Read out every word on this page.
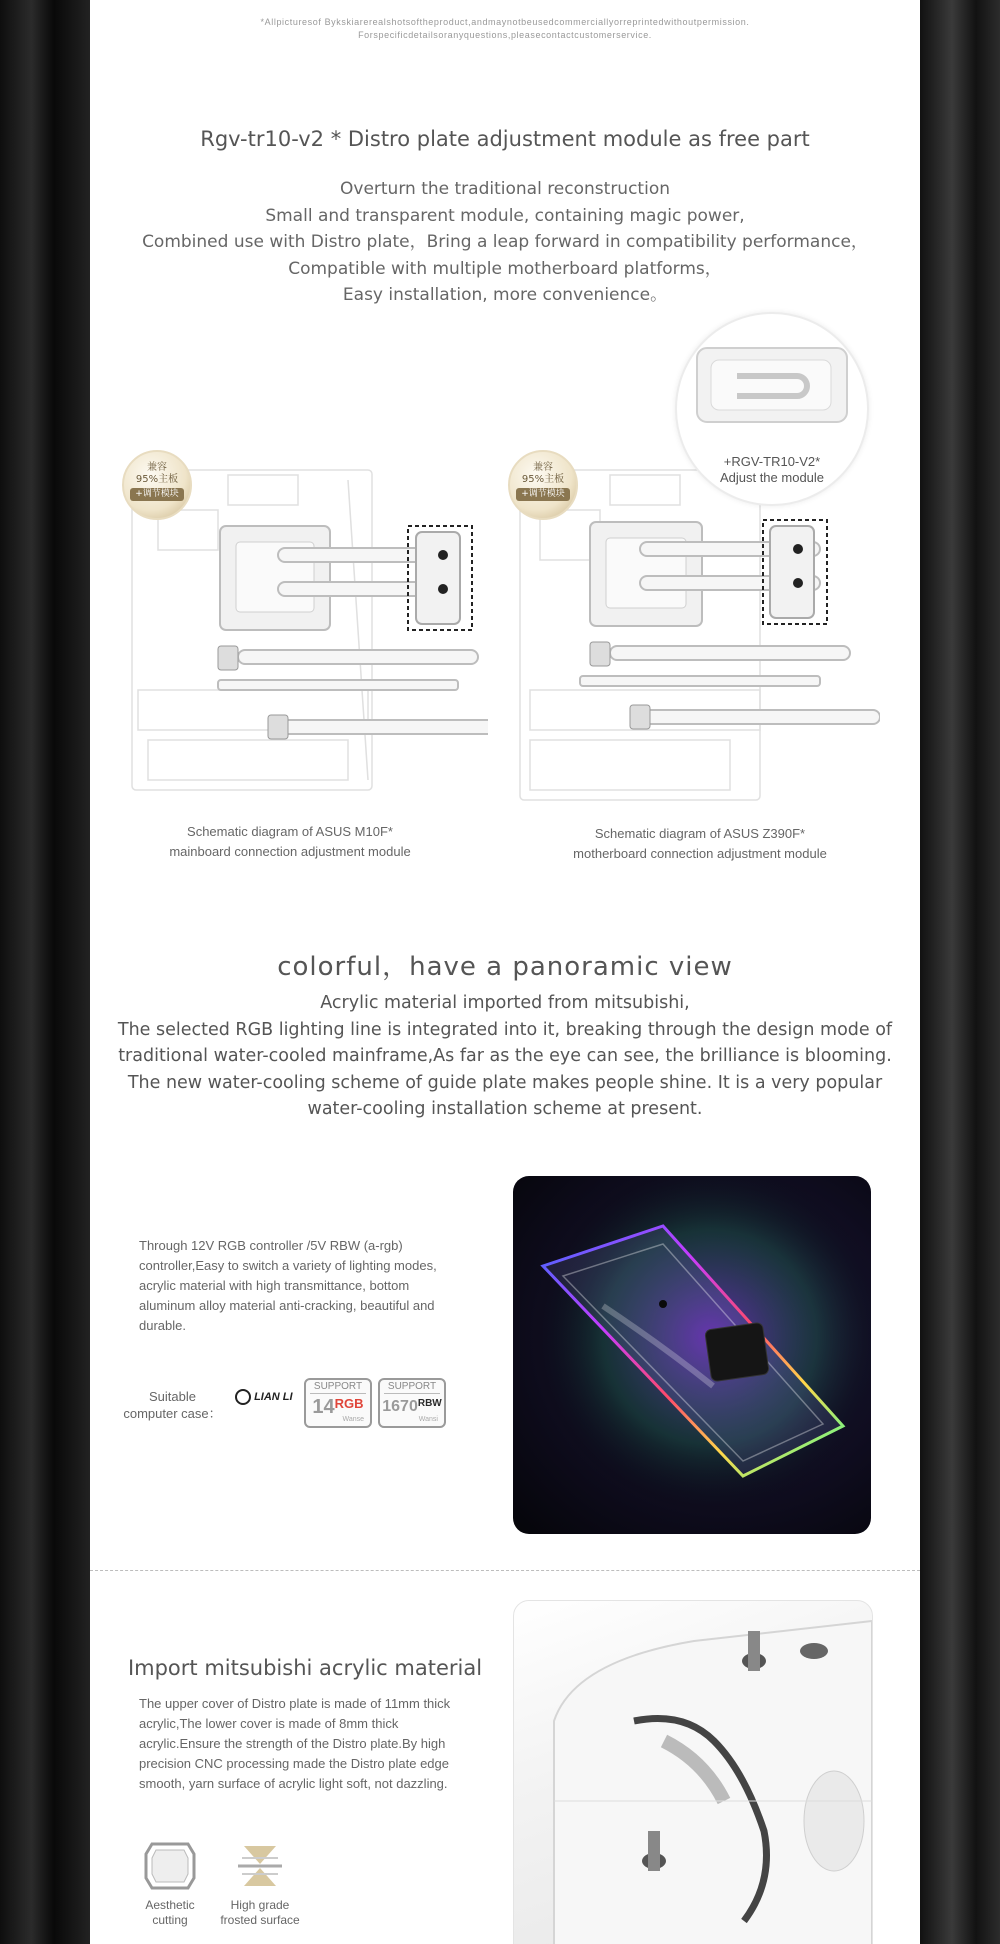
*Allpicturesof Bykskiarerealshotsoftheproduct,andmaynotbeusedcommerciallyorreprintedwithoutpermission.
Forspecificdetailsoranyquestions,pleasecontactcustomerservice.
Rgv-tr10-v2 * Distro plate adjustment module as free part
Overturn the traditional reconstruction
Small and transparent module, containing magic power,
Combined use with Distro plate，Bring a leap forward in compatibility performance，
Compatible with multiple motherboard platforms，
Easy installation, more convenience。
兼容
95%主板
+调节模块
Schematic diagram of ASUS M10F*
mainboard connection adjustment module
兼容
95%主板
+调节模块
+RGV-TR10-V2*
Adjust the module
Schematic diagram of ASUS Z390F*
motherboard connection adjustment module
colorful，have a panoramic view
Acrylic material imported from mitsubishi,
The selected RGB lighting line is integrated into it, breaking through the design mode of
traditional water-cooled mainframe,As far as the eye can see, the brilliance is blooming.
The new water-cooling scheme of guide plate makes people shine. It is a very popular
water-cooling installation scheme at present.
Through 12V RGB controller /5V RBW (a-rgb)
controller,Easy to switch a variety of lighting modes,
acrylic material with high transmittance, bottom
aluminum alloy material anti-cracking, beautiful and
durable.
Suitable
computer case：
LIAN LI
SUPPORT
14RGB
Wanse
SUPPORT
1670RBW
Wansi
Import mitsubishi acrylic material
The upper cover of Distro plate is made of 11mm thick
acrylic,The lower cover is made of 8mm thick
acrylic.Ensure the strength of the Distro plate.By high
precision CNC processing made the Distro plate edge
smooth, yarn surface of acrylic light soft, not dazzling.
Aesthetic
cutting
High grade
frosted surface
